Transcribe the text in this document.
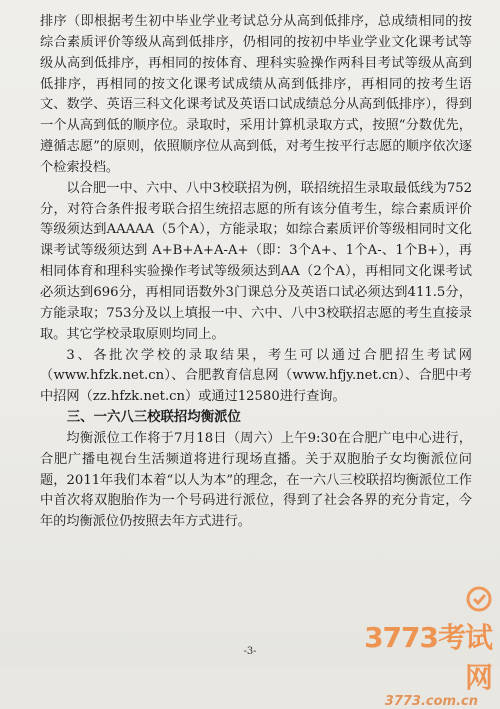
排序（即根据考生初中毕业学业考试总分从高到低排序，总成绩相同的按综合素质评价等级从高到低排序，仍相同的按初中毕业学业文化课考试等级从高到低排序，再相同的按体育、理科实验操作两科目考试等级从高到低排序，再相同的按文化课考试成绩从高到低排序，再相同的按考生语文、数学、英语三科文化课考试及英语口试成绩总分从高到低排序），得到一个从高到低的顺序位。录取时，采用计算机录取方式，按照“分数优先，遵循志愿”的原则，依照顺序位从高到低，对考生按平行志愿的顺序依次逐个检索投档。

以合肥一中、六中、八中3校联招为例，联招统招生录取最低线为752分，对符合条件报考联合招生统招志愿的所有该分值考生，综合素质评价等级须达到AAAAA（5个A），方能录取；如综合素质评价等级相同时文化课考试等级须达到 A+B+A+A-A+（即：3个A+、1个A-、1个B+），再相同体育和理科实验操作考试等级须达到AA（2个A），再相同文化课考试必须达到696分，再相同语数外3门课总分及英语口试必须达到411.5分，方能录取；753分及以上填报一中、六中、八中3校联招志愿的考生直接录取。其它学校录取原则均同上。

3、各批次学校的录取结果，考生可以通过合肥招生考试网（www.hfzk.net.cn）、合肥教育信息网（www.hfjy.net.cn）、合肥中考中招网（zz.hfzk.net.cn）或通过12580进行查询。

三、一六八三校联招均衡派位

均衡派位工作将于7月18日（周六）上午9:30在合肥广电中心进行，合肥广播电视台生活频道将进行现场直播。关于双胞胎子女均衡派位问题，2011年我们本着“以人为本”的理念，在一六八三校联招均衡派位工作中首次将双胞胎作为一个号码进行派位，得到了社会各界的充分肯定，今年的均衡派位仍按照去年方式进行。

-3-	3773考试网
3773.com.cn
